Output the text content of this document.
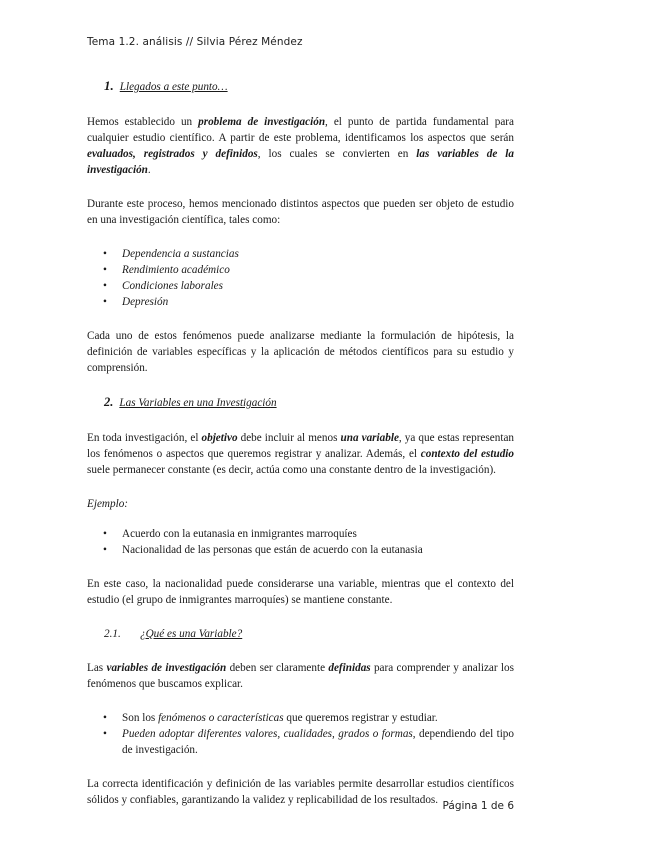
Tema 1.2. análisis // Silvia Pérez Méndez
1. Llegados a este punto…

Hemos establecido un problema de investigación, el punto de partida fundamental para cualquier estudio científico. A partir de este problema, identificamos los aspectos que serán evaluados, registrados y definidos, los cuales se convierten en las variables de la investigación.

Durante este proceso, hemos mencionado distintos aspectos que pueden ser objeto de estudio en una investigación científica, tales como:

• Dependencia a sustancias
• Rendimiento académico
• Condiciones laborales
• Depresión

Cada uno de estos fenómenos puede analizarse mediante la formulación de hipótesis, la definición de variables específicas y la aplicación de métodos científicos para su estudio y comprensión.

2. Las Variables en una Investigación

En toda investigación, el objetivo debe incluir al menos una variable, ya que estas representan los fenómenos o aspectos que queremos registrar y analizar. Además, el contexto del estudio suele permanecer constante (es decir, actúa como una constante dentro de la investigación).

Ejemplo:

• Acuerdo con la eutanasia en inmigrantes marroquíes
• Nacionalidad de las personas que están de acuerdo con la eutanasia

En este caso, la nacionalidad puede considerarse una variable, mientras que el contexto del estudio (el grupo de inmigrantes marroquíes) se mantiene constante.

2.1. ¿Qué es una Variable?

Las variables de investigación deben ser claramente definidas para comprender y analizar los fenómenos que buscamos explicar.

• Son los fenómenos o características que queremos registrar y estudiar.
• Pueden adoptar diferentes valores, cualidades, grados o formas, dependiendo del tipo de investigación.

La correcta identificación y definición de las variables permite desarrollar estudios científicos sólidos y confiables, garantizando la validez y replicabilidad de los resultados. Página 1 de 6
